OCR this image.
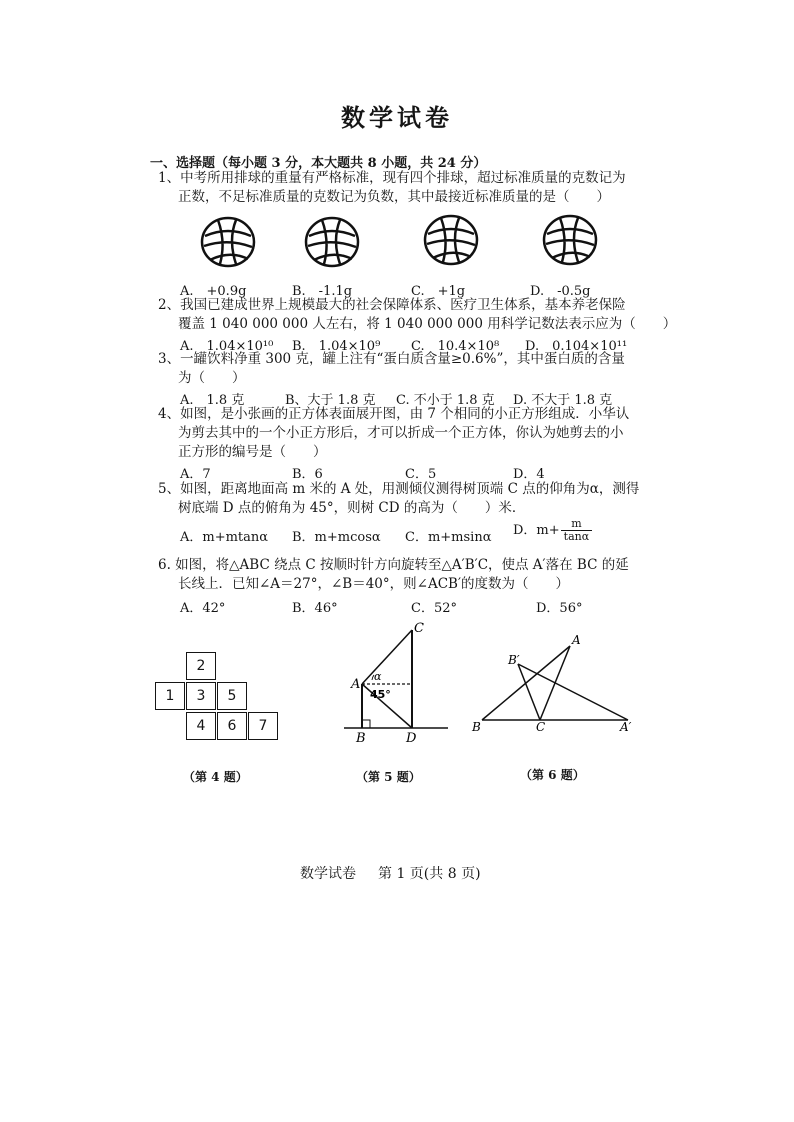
数学试卷
一、选择题（每小题 3 分，本大题共 8 小题，共 24 分）
1、中考所用排球的重量有严格标准，现有四个排球，超过标准质量的克数记为
正数，不足标准质量的克数记为负数，其中最接近标准质量的是（　　）
A.　+0.9g	B.　-1.1g	C.　+1g	D.　-0.5g
2、我国已建成世界上规模最大的社会保障体系、医疗卫生体系，基本养老保险
覆盖 1 040 000 000 人左右，将 1 040 000 000 用科学记数法表示应为（　　）
A.　1.04×10¹⁰ B.　1.04×10⁹ C.　10.4×10⁸ D.　0.104×10¹¹
3、一罐饮料净重 300 克，罐上注有“蛋白质含量≥0.6%”，其中蛋白质的含量
为（　　）
A.　1.8 克	B、大于 1.8 克 C. 不小于 1.8 克 D. 不大于 1.8 克
4、如图，是小张画的正方体表面展开图，由 7 个相同的小正方形组成．小华认
为剪去其中的一个小正方形后，才可以折成一个正方体，你认为她剪去的小
正方形的编号是（　　）
A．7	B．6	C．5	D．4
5、如图，距离地面高 m 米的 A 处，用测倾仪测得树顶端 C 点的仰角为α，测得
树底端 D 点的俯角为 45°，则树 CD 的高为（　　）米．
A．m+mtanα B．m+mcosα C．m+msinα D．$m+ \frac{m}{\tan\alpha}$
6. 如图，将△ABC 绕点 C 按顺时针方向旋转至△A′B′C，使点 A′落在 BC 的延
长线上．已知∠A＝27°，∠B＝40°，则∠ACB′的度数为（　　）
A．42°	B．46°	C．52°	D．56°
2
1	3	5
4	6	7
（第 4 题）
C
A
α
45°
B	D
（第 5 题）
A
B′
B	C	A′
（第 6 题）
数学试卷 第 1 页(共 8 页)
